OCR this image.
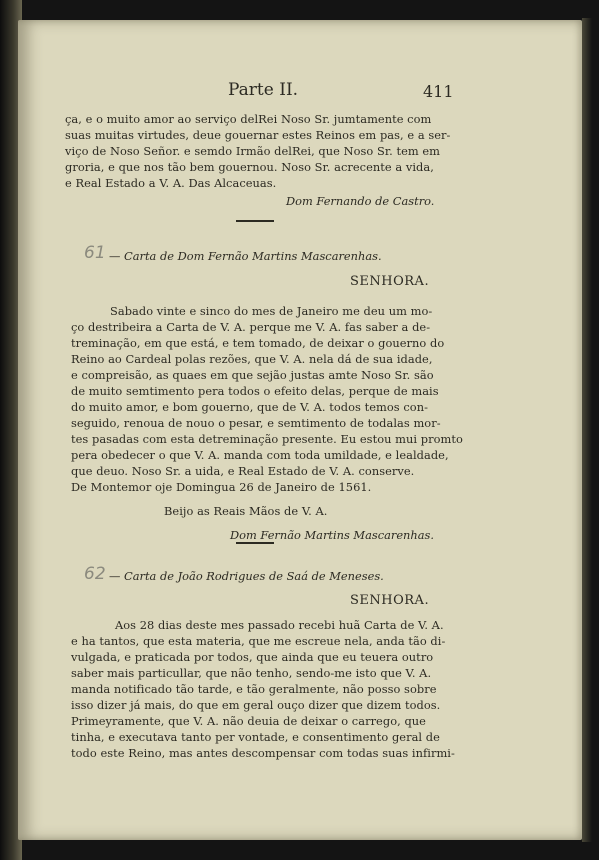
Parte II.	411
ça, e o muito amor ao serviço delRei Noso Sr. jumtamente com
suas muitas virtudes, deue gouernar estes Reinos em pas, e a ser-
viço de Noso Señor. e semdo Irmão delRei, que Noso Sr. tem em
groria, e que nos tão bem gouernou. Noso Sr. acrecente a vida,
e Real Estado a V. A. Das Alcaceuas.
Dom Fernando de Castro.
61 — Carta de Dom Fernão Martins Mascarenhas.
SENHORA.
Sabado vinte e sinco do mes de Janeiro me deu um mo-
ço destribeira a Carta de V. A. perque me V. A. fas saber a de-
treminação, em que está, e tem tomado, de deixar o gouerno do
Reino ao Cardeal polas rezões, que V. A. nela dá de sua idade,
e compreisão, as quaes em que sejão justas amte Noso Sr. são
de muito semtimento pera todos o efeito delas, perque de mais
do muito amor, e bom gouerno, que de V. A. todos temos con-
seguido, renoua de nouo o pesar, e semtimento de todalas mor-
tes pasadas com esta detreminação presente. Eu estou mui promto
pera obedecer o que V. A. manda com toda umildade, e lealdade,
que deuo. Noso Sr. a uida, e Real Estado de V. A. conserve.
De Montemor oje Domingua 26 de Janeiro de 1561.
Beijo as Reais Mãos de V. A.
Dom Fernão Martins Mascarenhas.
62 — Carta de João Rodrigues de Saá de Meneses.
SENHORA.
Aos 28 dias deste mes passado recebi huã Carta de V. A.
e ha tantos, que esta materia, que me escreue nela, anda tão di-
vulgada, e praticada por todos, que ainda que eu teuera outro
saber mais particullar, que não tenho, sendo-me isto que V. A.
manda notificado tão tarde, e tão geralmente, não posso sobre
isso dizer já mais, do que em geral ouço dizer que dizem todos.
Primeyramente, que V. A. não deuia de deixar o carrego, que
tinha, e executava tanto per vontade, e consentimento geral de
todo este Reino, mas antes descompensar com todas suas infirmi-
